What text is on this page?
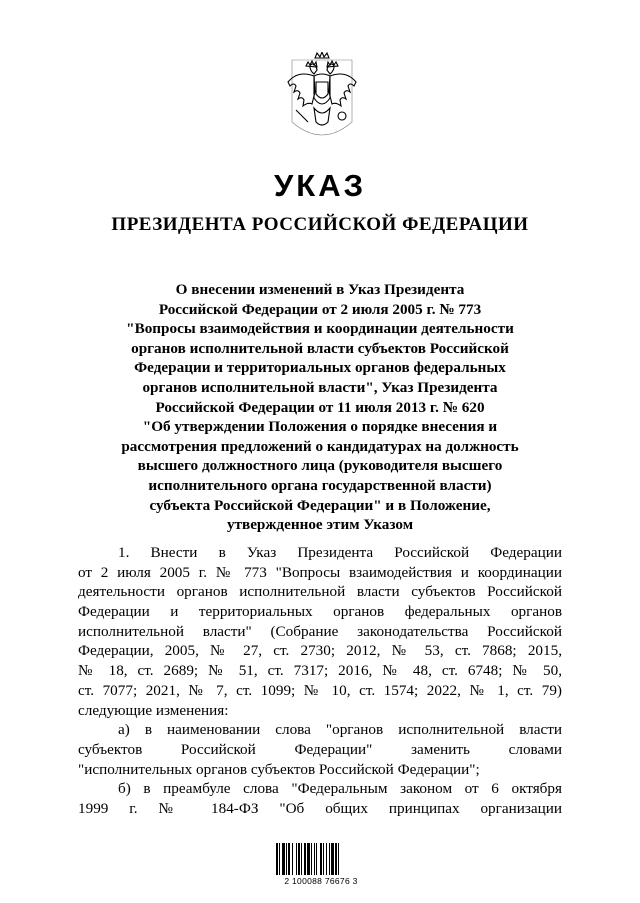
УКАЗ
ПРЕЗИДЕНТА РОССИЙСКОЙ ФЕДЕРАЦИИ
О внесении изменений в Указ Президента
Российской Федерации от 2 июля 2005 г. № 773
"Вопросы взаимодействия и координации деятельности
органов исполнительной власти субъектов Российской
Федерации и территориальных органов федеральных
органов исполнительной власти", Указ Президента
Российской Федерации от 11 июля 2013 г. № 620
"Об утверждении Положения о порядке внесения и
рассмотрения предложений о кандидатурах на должность
высшего должностного лица (руководителя высшего
исполнительного органа государственной власти)
субъекта Российской Федерации" и в Положение,
утвержденное этим Указом
1. Внести в Указ Президента Российской Федерации
от 2 июля 2005 г. № 773 "Вопросы взаимодействия и координации
деятельности органов исполнительной власти субъектов Российской
Федерации и территориальных органов федеральных органов
исполнительной власти" (Собрание законодательства Российской
Федерации, 2005, № 27, ст. 2730; 2012, № 53, ст. 7868; 2015,
№ 18, ст. 2689; № 51, ст. 7317; 2016, № 48, ст. 6748; № 50,
ст. 7077; 2021, № 7, ст. 1099; № 10, ст. 1574; 2022, № 1, ст. 79)
следующие изменения:
а) в наименовании слова "органов исполнительной власти
субъектов Российской Федерации" заменить словами
"исполнительных органов субъектов Российской Федерации";
б) в преамбуле слова "Федеральным законом от 6 октября
1999 г. № 184-ФЗ "Об общих принципах организации
2 100088 76676 3
